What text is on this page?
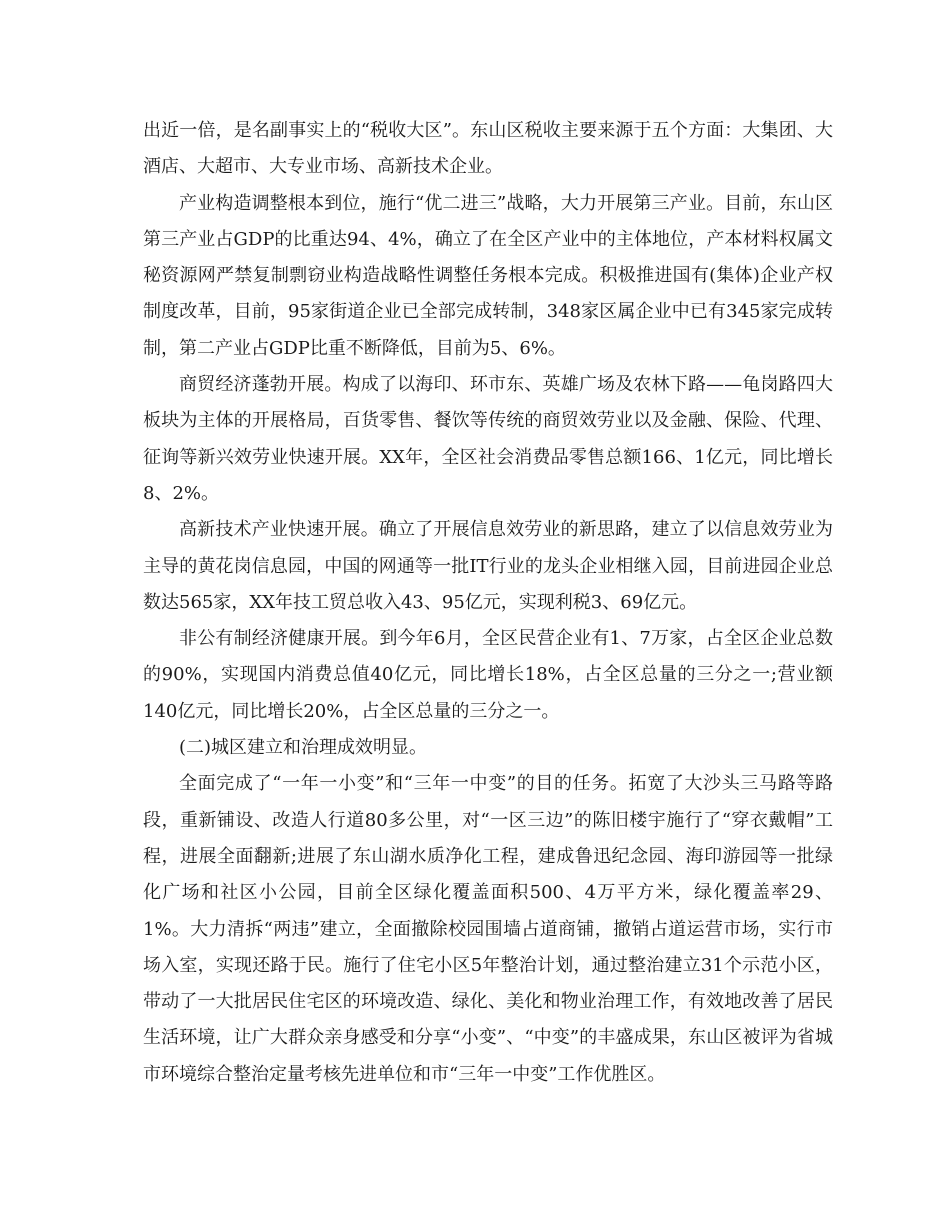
出近一倍，是名副事实上的“税收大区”。东山区税收主要来源于五个方面：大集团、大酒店、大超市、大专业市场、高新技术企业。

产业构造调整根本到位，施行“优二进三”战略，大力开展第三产业。目前，东山区第三产业占GDP的比重达94、4%，确立了在全区产业中的主体地位，产本材料权属文秘资源网严禁复制剽窃业构造战略性调整任务根本完成。积极推进国有(集体)企业产权制度改革，目前，95家街道企业已全部完成转制，348家区属企业中已有345家完成转制，第二产业占GDP比重不断降低，目前为5、6%。

商贸经济蓬勃开展。构成了以海印、环市东、英雄广场及农林下路——龟岗路四大板块为主体的开展格局，百货零售、餐饮等传统的商贸效劳业以及金融、保险、代理、征询等新兴效劳业快速开展。XX年，全区社会消费品零售总额166、1亿元，同比增长8、2%。

高新技术产业快速开展。确立了开展信息效劳业的新思路，建立了以信息效劳业为主导的黄花岗信息园，中国的网通等一批IT行业的龙头企业相继入园，目前进园企业总数达565家，XX年技工贸总收入43、95亿元，实现利税3、69亿元。

非公有制经济健康开展。到今年6月，全区民营企业有1、7万家，占全区企业总数的90%，实现国内消费总值40亿元，同比增长18%，占全区总量的三分之一;营业额140亿元，同比增长20%，占全区总量的三分之一。

(二)城区建立和治理成效明显。

全面完成了“一年一小变”和“三年一中变”的目的任务。拓宽了大沙头三马路等路段，重新铺设、改造人行道80多公里，对“一区三边”的陈旧楼宇施行了“穿衣戴帽”工程，进展全面翻新;进展了东山湖水质净化工程，建成鲁迅纪念园、海印游园等一批绿化广场和社区小公园，目前全区绿化覆盖面积500、4万平方米，绿化覆盖率29、1%。大力清拆“两违”建立，全面撤除校园围墙占道商铺，撤销占道运营市场，实行市场入室，实现还路于民。施行了住宅小区5年整治计划，通过整治建立31个示范小区，带动了一大批居民住宅区的环境改造、绿化、美化和物业治理工作，有效地改善了居民生活环境，让广大群众亲身感受和分享“小变”、“中变”的丰盛成果，东山区被评为省城市环境综合整治定量考核先进单位和市“三年一中变”工作优胜区。
